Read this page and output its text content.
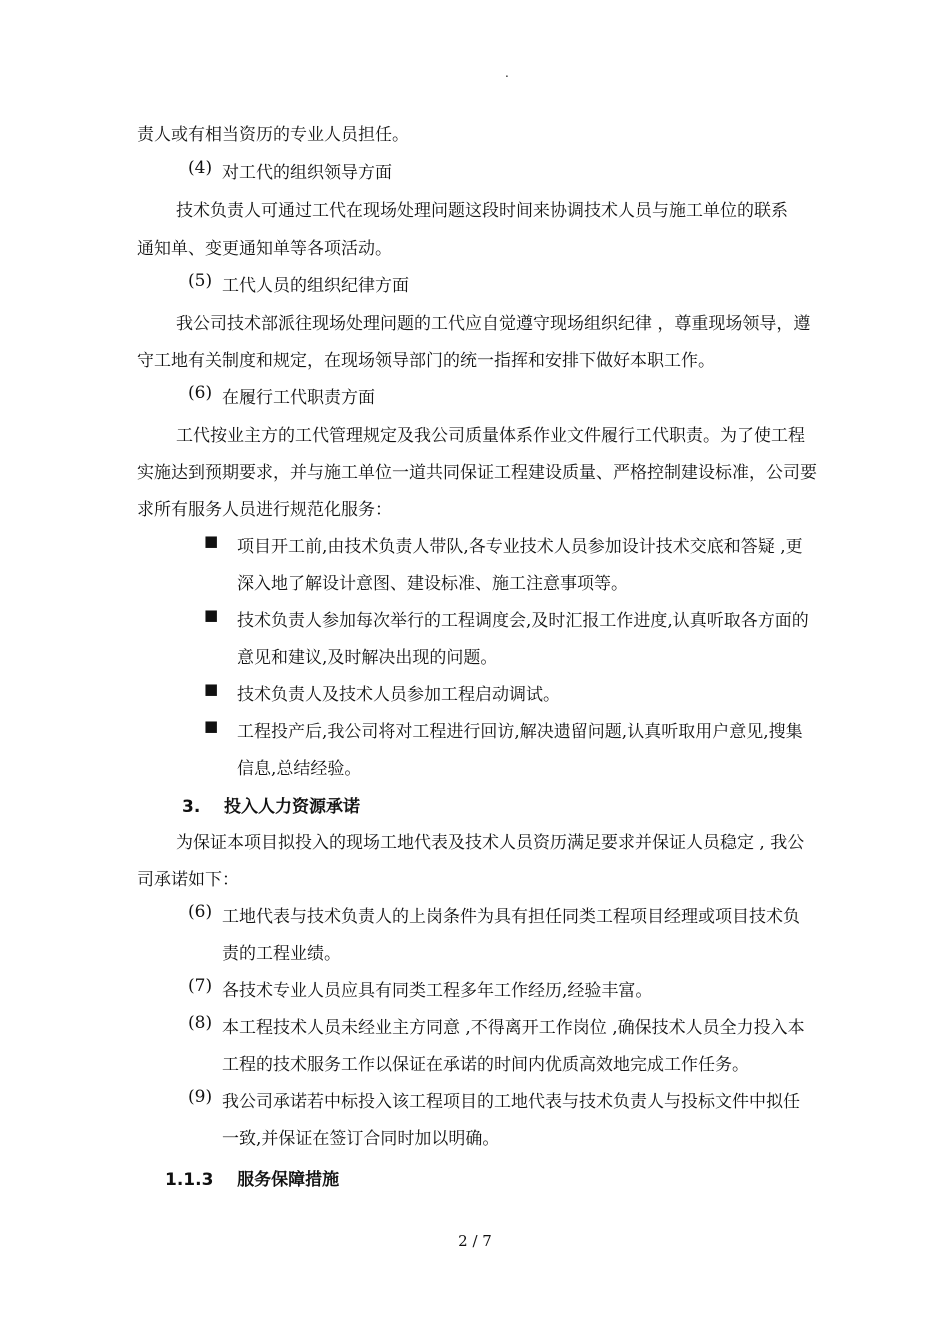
.
责人或有相当资历的专业人员担任。
(4) 对工代的组织领导方面
技术负责人可通过工代在现场处理问题这段时间来协调技术人员与施工单位的联系
通知单、变更通知单等各项活动。
(5) 工代人员的组织纪律方面
我公司技术部派往现场处理问题的工代应自觉遵守现场组织纪律 ，尊重现场领导，遵
守工地有关制度和规定，在现场领导部门的统一指挥和安排下做好本职工作。
(6) 在履行工代职责方面
工代按业主方的工代管理规定及我公司质量体系作业文件履行工代职责。为了使工程
实施达到预期要求，并与施工单位一道共同保证工程建设质量、严格控制建设标准，公司要
求所有服务人员进行规范化服务：
■ 项目开工前,由技术负责人带队,各专业技术人员参加设计技术交底和答疑 ,更
深入地了解设计意图、建设标准、施工注意事项等。
■ 技术负责人参加每次举行的工程调度会,及时汇报工作进度,认真听取各方面的
意见和建议,及时解决出现的问题。
■ 技术负责人及技术人员参加工程启动调试。
■ 工程投产后,我公司将对工程进行回访,解决遗留问题,认真听取用户意见,搜集
信息,总结经验。
3.    投入人力资源承诺
为保证本项目拟投入的现场工地代表及技术人员资历满足要求并保证人员稳定 , 我公
司承诺如下：
(6) 工地代表与技术负责人的上岗条件为具有担任同类工程项目经理或项目技术负
责的工程业绩。
(7) 各技术专业人员应具有同类工程多年工作经历,经验丰富。
(8) 本工程技术人员未经业主方同意 ,不得离开工作岗位 ,确保技术人员全力投入本
工程的技术服务工作以保证在承诺的时间内优质高效地完成工作任务。
(9) 我公司承诺若中标投入该工程项目的工地代表与技术负责人与投标文件中拟任
一致,并保证在签订合同时加以明确。
1.1.3    服务保障措施
2 / 7
